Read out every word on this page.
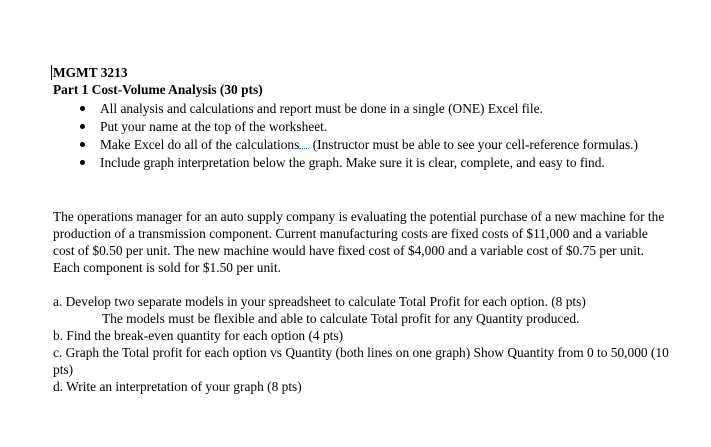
MGMT 3213
Part 1 Cost-Volume Analysis (30 pts)
All analysis and calculations and report must be done in a single (ONE) Excel file.
Put your name at the top of the worksheet.
Make Excel do all of the calculations (Instructor must be able to see your cell-reference formulas.)
Include graph interpretation below the graph. Make sure it is clear, complete, and easy to find.
The operations manager for an auto supply company is evaluating the potential purchase of a new machine for the production of a transmission component. Current manufacturing costs are fixed costs of $11,000 and a variable cost of $0.50 per unit. The new machine would have fixed cost of $4,000 and a variable cost of $0.75 per unit. Each component is sold for $1.50 per unit.
a. Develop two separate models in your spreadsheet to calculate Total Profit for each option. (8 pts)
The models must be flexible and able to calculate Total profit for any Quantity produced.
b. Find the break-even quantity for each option (4 pts)
c. Graph the Total profit for each option vs Quantity (both lines on one graph) Show Quantity from 0 to 50,000 (10 pts)
d. Write an interpretation of your graph (8 pts)
